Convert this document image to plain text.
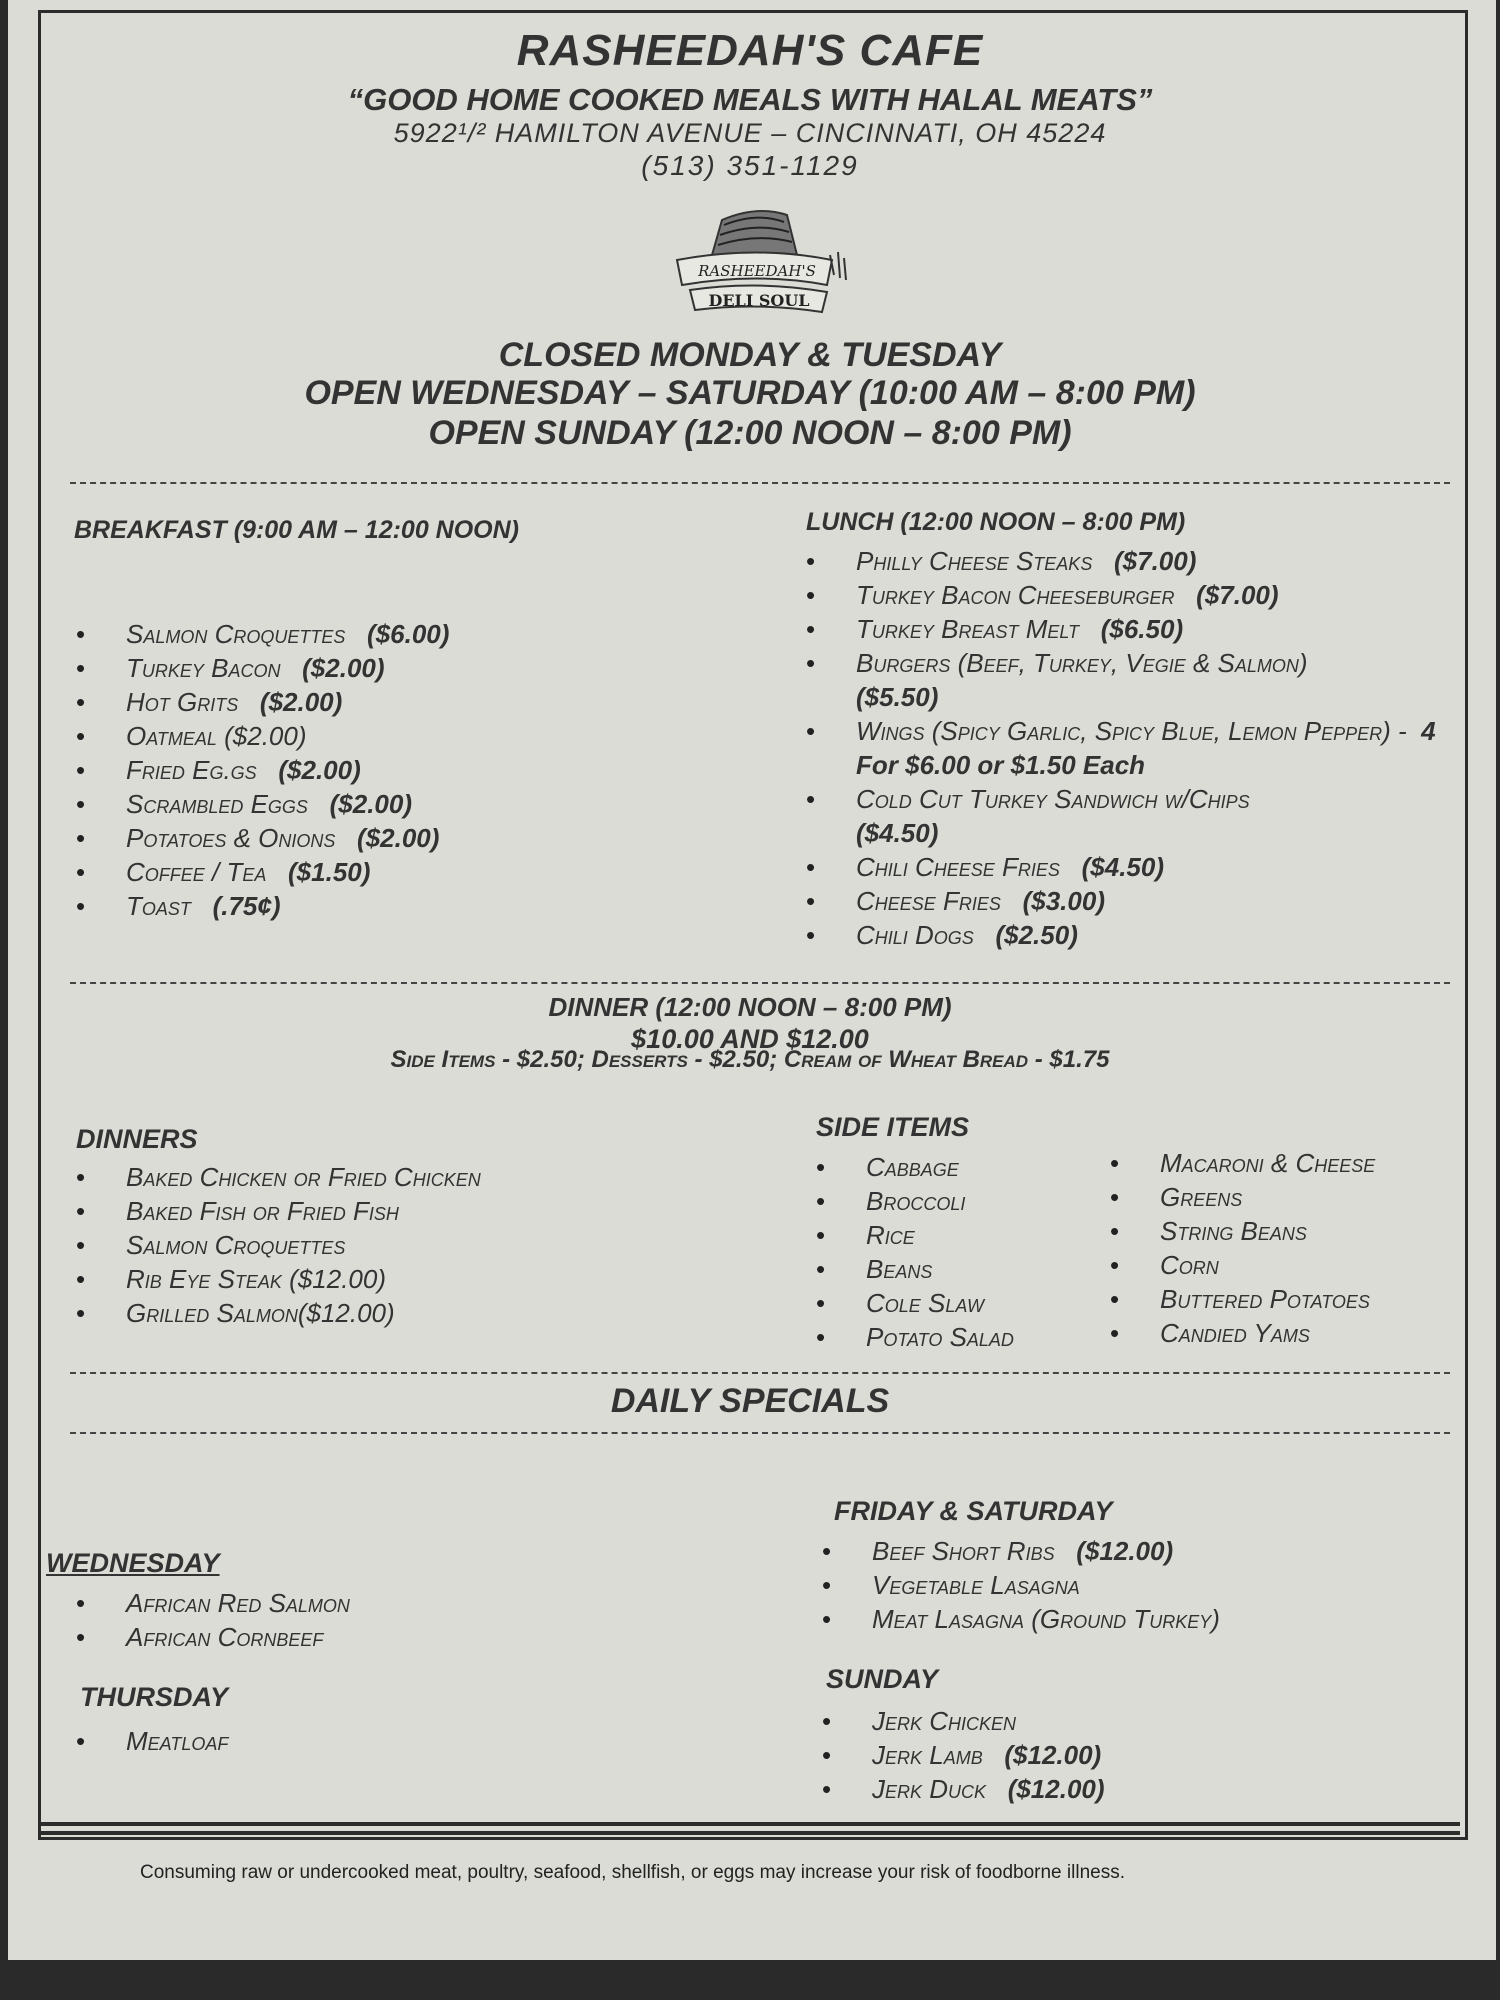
RASHEEDAH'S CAFE
“GOOD HOME COOKED MEALS WITH HALAL MEATS”
5922¹/² HAMILTON AVENUE – CINCINNATI, OH 45224
(513) 351-1129
RASHEEDAH'S
DELI SOUL
CLOSED MONDAY & TUESDAY
OPEN WEDNESDAY – SATURDAY (10:00 AM – 8:00 PM)
OPEN SUNDAY (12:00 NOON – 8:00 PM)
BREAKFAST (9:00 AM – 12:00 NOON)
• Salmon Croquettes ($6.00)
• Turkey Bacon ($2.00)
• Hot Grits ($2.00)
• Oatmeal ($2.00)
• Fried Eg.gs ($2.00)
• Scrambled Eggs ($2.00)
• Potatoes & Onions ($2.00)
• Coffee / Tea ($1.50)
• Toast (.75¢)
LUNCH (12:00 NOON – 8:00 PM)
• Philly Cheese Steaks ($7.00)
• Turkey Bacon Cheeseburger ($7.00)
• Turkey Breast Melt ($6.50)
• Burgers (Beef, Turkey, Vegie & Salmon)
($5.50)
• Wings (Spicy Garlic, Spicy Blue, Lemon Pepper) - 4 For $6.00 or $1.50 Each
• Cold Cut Turkey Sandwich w/Chips
($4.50)
• Chili Cheese Fries ($4.50)
• Cheese Fries ($3.00)
• Chili Dogs ($2.50)
DINNER (12:00 NOON – 8:00 PM)
$10.00 AND $12.00
Side Items - $2.50; Desserts - $2.50; Cream of Wheat Bread - $1.75
DINNERS
• Baked Chicken or Fried Chicken
• Baked Fish or Fried Fish
• Salmon Croquettes
• Rib Eye Steak ($12.00)
• Grilled Salmon($12.00)
SIDE ITEMS
• Cabbage
• Broccoli
• Rice
• Beans
• Cole Slaw
• Potato Salad
• Macaroni & Cheese
• Greens
• String Beans
• Corn
• Buttered Potatoes
• Candied Yams
DAILY SPECIALS
WEDNESDAY
• African Red Salmon
• African Cornbeef
THURSDAY
• Meatloaf
FRIDAY & SATURDAY
• Beef Short Ribs ($12.00)
• Vegetable Lasagna
• Meat Lasagna (Ground Turkey)
SUNDAY
• Jerk Chicken
• Jerk Lamb ($12.00)
• Jerk Duck ($12.00)
Consuming raw or undercooked meat, poultry, seafood, shellfish, or eggs may increase your risk of foodborne illness.
